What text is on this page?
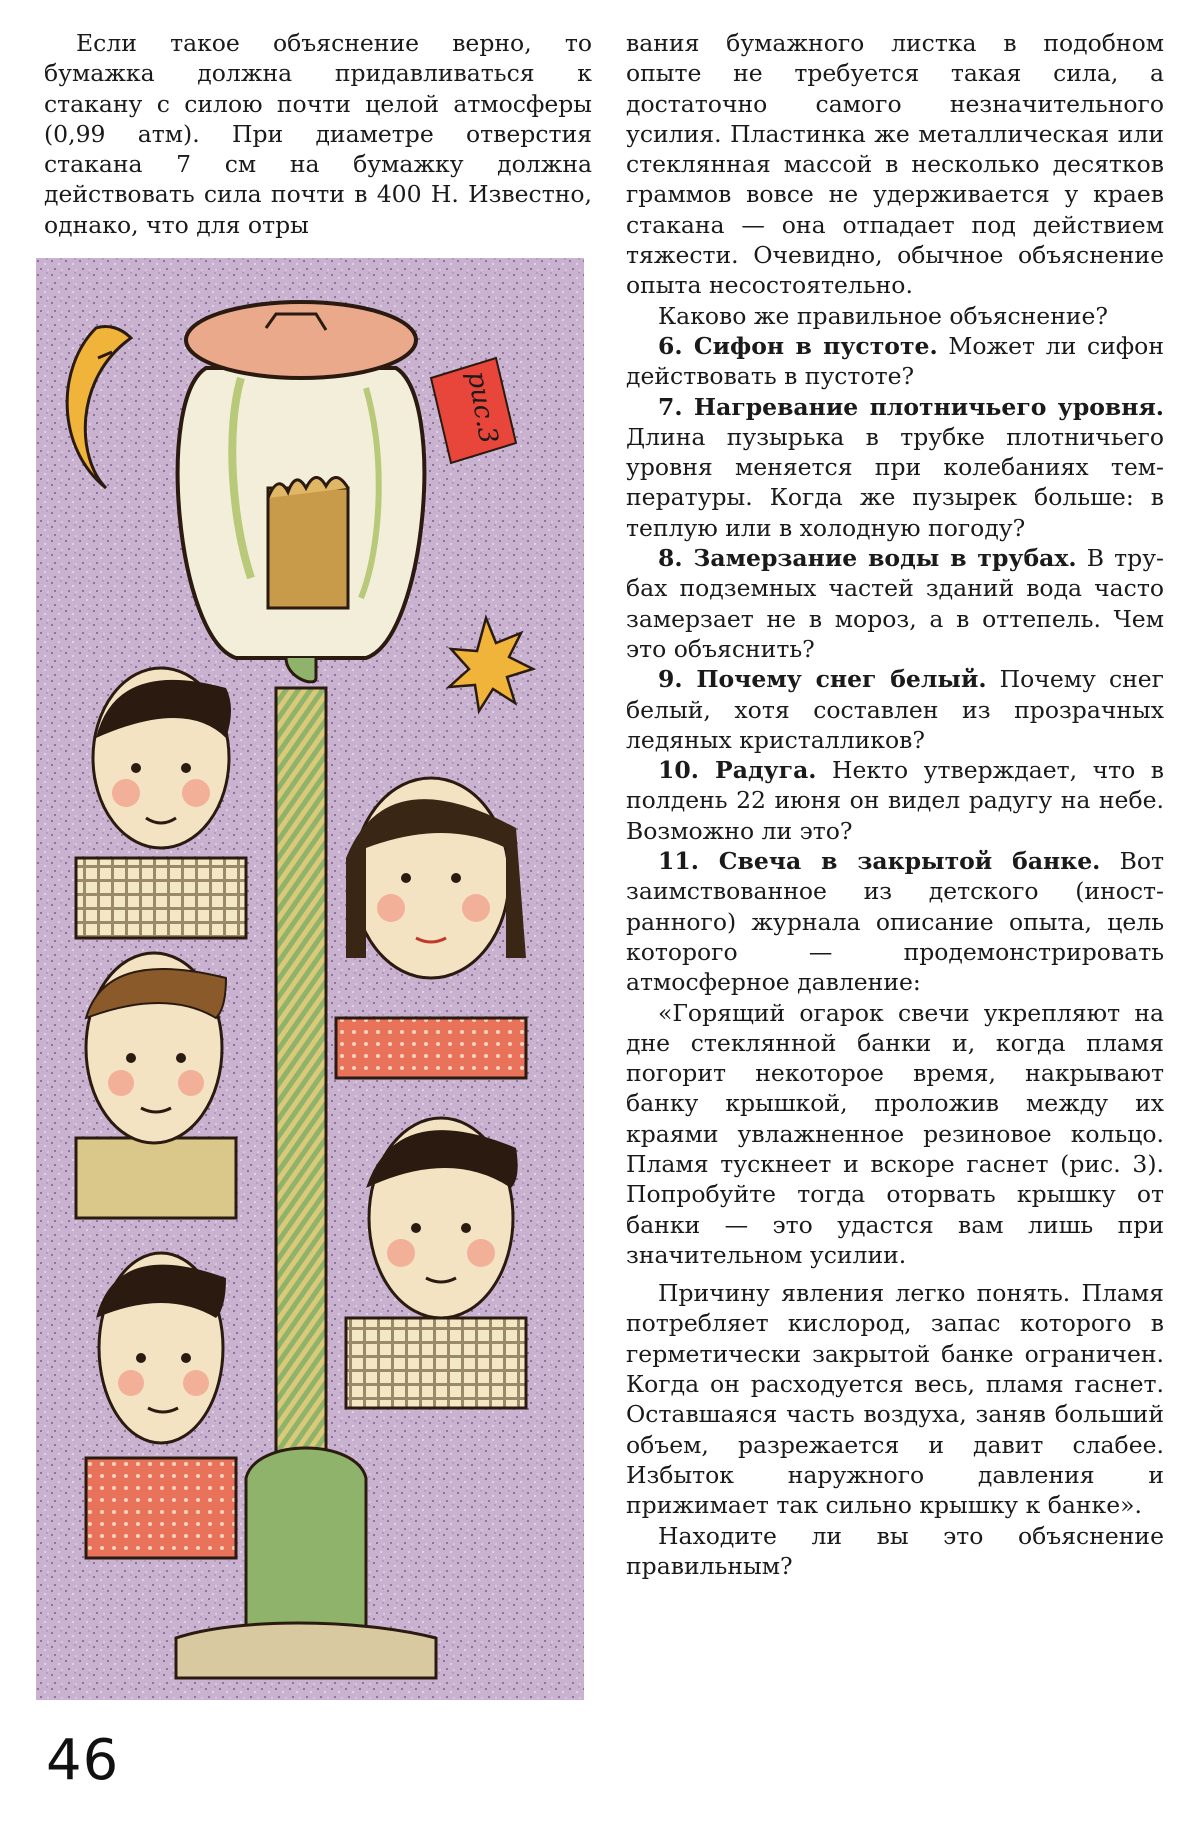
Если такое объяснение верно, то бумажка должна придавливаться к стакану с силою почти целой атмосферы (0,99 атм). При диаметре отверстия стакана 7 см на бумажку должна действовать сила почти в 400 Н. Известно, однако, что для отры

рис.3

вания бумажного листка в подобном опыте не требуется такая сила, а достаточно самого незначительного усилия. Пластинка же металлическая или стеклянная массой в несколько десятков граммов вовсе не удерживается у краев стакана — она отпадает под действием тяжести. Очевидно, обычное объяснение опыта несостоятельно.

Каково же правильное объяснение?

6. Сифон в пустоте. Может ли сифон действовать в пустоте?

7. Нагревание плотничьего уровня. Длина пузырька в трубке плотничьего уровня меняется при колебаниях температуры. Когда же пузырек больше: в теплую или в холодную погоду?

8. Замерзание воды в трубах. В трубах подземных частей зданий вода часто замерзает не в мороз, а в оттепель. Чем это объяснить?

9. Почему снег белый. Почему снег белый, хотя составлен из прозрачных ледяных кристалликов?

10. Радуга. Некто утверждает, что в полдень 22 июня он видел радугу на небе. Возможно ли это?

11. Свеча в закрытой банке. Вот заимствованное из детского (иностранного) журнала описание опыта, цель которого — продемонстрировать атмосферное давление:

«Горящий огарок свечи укрепляют на дне стеклянной банки и, когда пламя погорит некоторое время, накрывают банку крышкой, проложив между их краями увлажненное резиновое кольцо. Пламя тускнеет и вскоре гаснет (рис. 3). Попробуйте тогда оторвать крышку от банки — это удастся вам лишь при значительном усилии.

Причину явления легко понять. Пламя потребляет кислород, запас которого в герметически закрытой банке ограничен. Когда он расходуется весь, пламя гаснет. Оставшаяся часть воздуха, заняв больший объем, разрежается и давит слабее. Избыток наружного давления и прижимает так сильно крышку к банке».

Находите ли вы это объяснение правильным?

46
